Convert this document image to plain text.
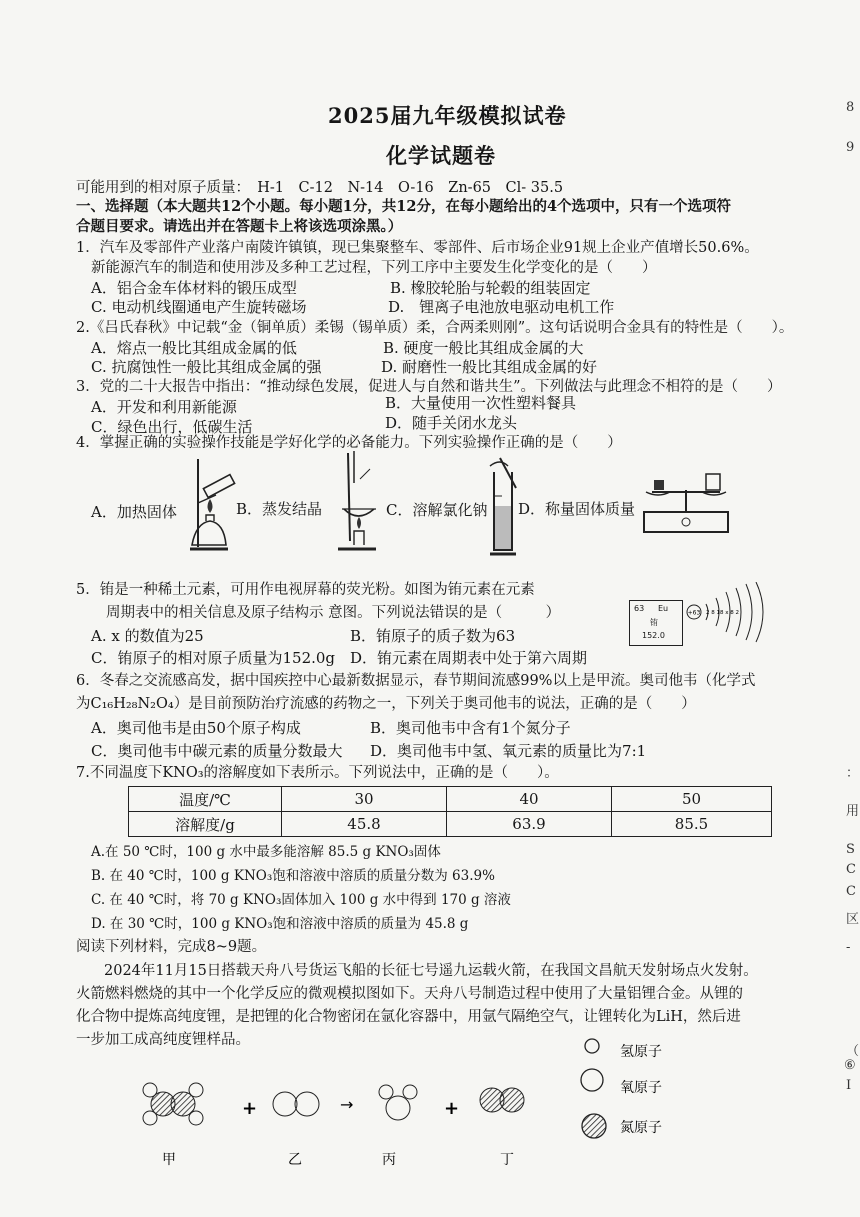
2025届九年级模拟试卷
化学试题卷
8
9
：
用
S
C
C
区
-
（
⑥
I
可能用到的相对原子质量：　H-1　C-12　N-14　O-16　Zn-65　Cl- 35.5
一、选择题（本大题共12个小题。每小题1分，共12分，在每小题给出的4个选项中，只有一个选项符
合题目要求。请选出并在答题卡上将该选项涂黑。）
1．汽车及零部件产业落户南陵许镇镇，现已集聚整车、零部件、后市场企业91规上企业产值增长50.6%。
新能源汽车的制造和使用涉及多种工艺过程，下列工序中主要发生化学变化的是（　　）
A．铝合金车体材料的锻压成型	B. 橡胶轮胎与轮毂的组装固定
C. 电动机线圈通电产生旋转磁场	D.　锂离子电池放电驱动电机工作
2.《吕氏春秋》中记载“金（铜单质）柔锡（锡单质）柔，合两柔则刚”。这句话说明合金具有的特性是（　　）。
A．熔点一般比其组成金属的低	B. 硬度一般比其组成金属的大
C. 抗腐蚀性一般比其组成金属的强	D. 耐磨性一般比其组成金属的好
3．党的二十大报告中指出：“推动绿色发展，促进人与自然和谐共生”。下列做法与此理念不相符的是（　　）
A．开发和利用新能源	B．大量使用一次性塑料餐具
C．绿色出行，低碳生活	D．随手关闭水龙头
4．掌握正确的实验操作技能是学好化学的必备能力。下列实验操作正确的是（　　）
A．加热固体	B．蒸发结晶	C．溶解氯化钠 D．称量固体质量
5．铕是一种稀土元素，可用作电视屏幕的荧光粉。如图为铕元素在元素
周期表中的相关信息及原子结构示 意图。下列说法错误的是（　　　）
A. x 的数值为25	B．铕原子的质子数为63
C．铕原子的相对原子质量为152.0g D．铕元素在周期表中处于第六周期
63 Eu
铕
152.0
+63 2 8 18 x 8 2
6．冬春之交流感高发，据中国疾控中心最新数据显示，春节期间流感99%以上是甲流。奥司他韦（化学式
为C₁₆H₂₈N₂O₄）是目前预防治疗流感的药物之一，下列关于奥司他韦的说法，正确的是（　　）
A．奥司他韦是由50个原子构成	B．奥司他韦中含有1个氮分子
C．奥司他韦中碳元素的质量分数最大 D．奥司他韦中氢、氧元素的质量比为7:1
7.不同温度下KNO₃的溶解度如下表所示。下列说法中，正确的是（　　）。
温度/℃	30	40	50
溶解度/g	45.8	63.9	85.5
A.在 50 ℃时，100 g 水中最多能溶解 85.5 g KNO₃固体
B. 在 40 ℃时，100 g KNO₃饱和溶液中溶质的质量分数为 63.9%
C. 在 40 ℃时，将 70 g KNO₃固体加入 100 g 水中得到 170 g 溶液
D. 在 30 ℃时，100 g KNO₃饱和溶液中溶质的质量为 45.8 g
阅读下列材料，完成8~9题。
2024年11月15日搭载天舟八号货运飞船的长征七号遥九运载火箭，在我国文昌航天发射场点火发射。
火箭燃料燃烧的其中一个化学反应的微观模拟图如下。天舟八号制造过程中使用了大量铝锂合金。从锂的
化合物中提炼高纯度锂，是把锂的化合物密闭在氩化容器中，用氩气隔绝空气，让锂转化为LiH，然后进
一步加工成高纯度锂样品。
氢原子
氧原子
氮原子
+	→	+
甲	乙	丙	丁
